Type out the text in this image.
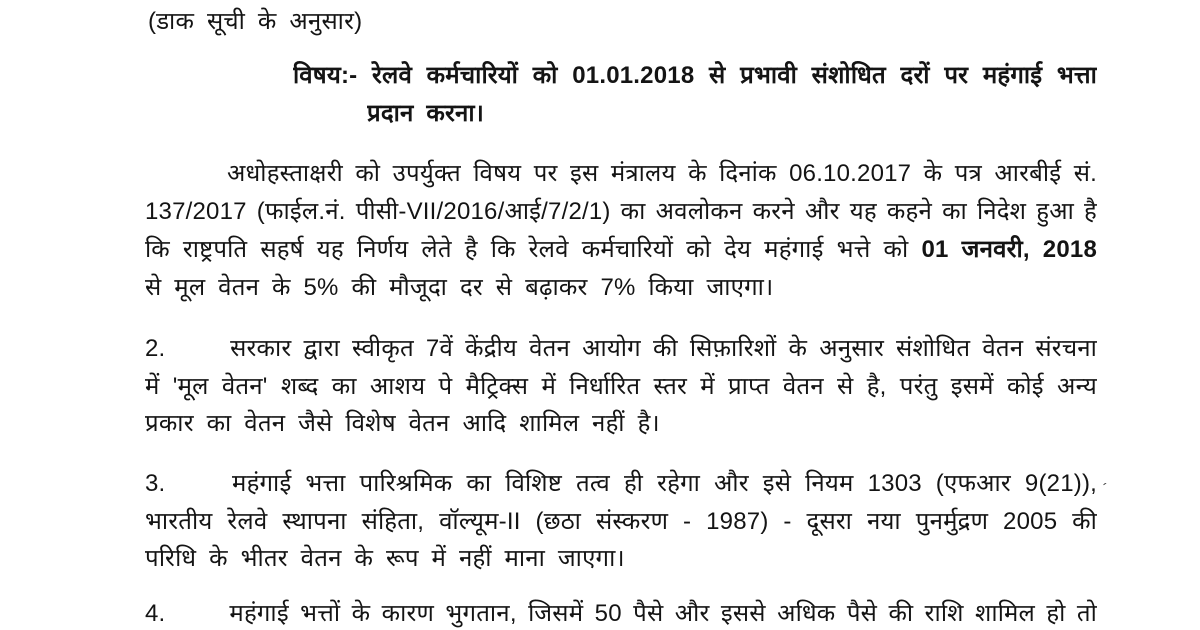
(डाक सूची के अनुसार)
विषय:- रेलवे कर्मचारियों को 01.01.2018 से प्रभावी संशोधित दरों पर महंगाई भत्ता
प्रदान करना।
अधोहस्ताक्षरी को उपर्युक्त विषय पर इस मंत्रालय के दिनांक 06.10.2017 के पत्र आरबीई सं.
137/2017 (फाईल.नं. पीसी-VII/2016/आई/7/2/1) का अवलोकन करने और यह कहने का निदेश हुआ है
कि राष्ट्रपति सहर्ष यह निर्णय लेते है कि रेलवे कर्मचारियों को देय महंगाई भत्ते को 01 जनवरी, 2018
से मूल वेतन के 5% की मौजूदा दर से बढ़ाकर 7% किया जाएगा।
2.	सरकार द्वारा स्वीकृत 7वें केंद्रीय वेतन आयोग की सिफ़ारिशों के अनुसार संशोधित वेतन संरचना
में 'मूल वेतन' शब्द का आशय पे मैट्रिक्स में निर्धारित स्तर में प्राप्त वेतन से है, परंतु इसमें कोई अन्य
प्रकार का वेतन जैसे विशेष वेतन आदि शामिल नहीं है।
3.	महंगाई भत्ता पारिश्रमिक का विशिष्ट तत्व ही रहेगा और इसे नियम 1303 (एफआर 9(21)),
भारतीय रेलवे स्थापना संहिता, वॉल्यूम-II (छठा संस्करण - 1987) - दूसरा नया पुनर्मुद्रण 2005 की
परिधि के भीतर वेतन के रूप में नहीं माना जाएगा।
4.	महंगाई भत्तों के कारण भुगतान, जिसमें 50 पैसे और इससे अधिक पैसे की राशि शामिल हो तो
´
